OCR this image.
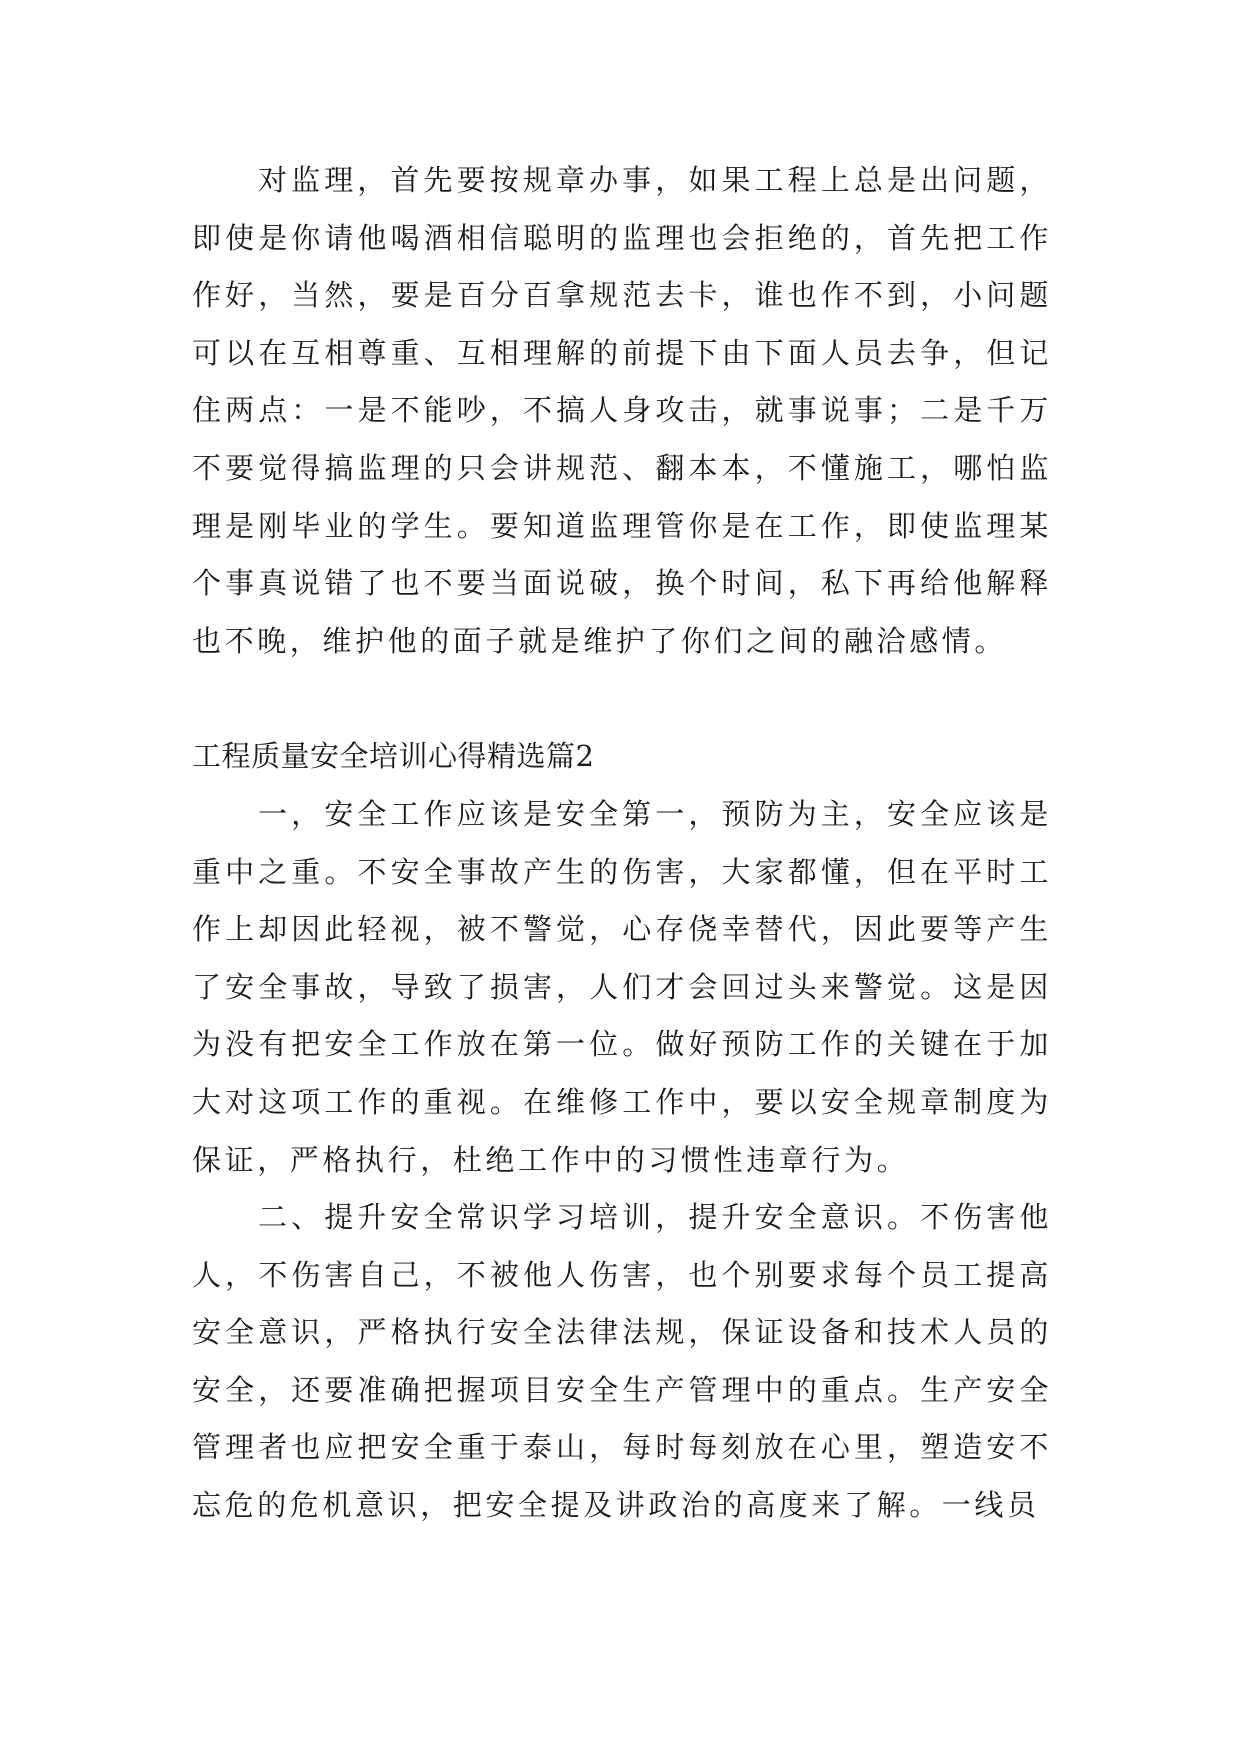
对监理，首先要按规章办事，如果工程上总是出问题，即使是你请他喝酒相信聪明的监理也会拒绝的，首先把工作作好，当然，要是百分百拿规范去卡，谁也作不到，小问题可以在互相尊重、互相理解的前提下由下面人员去争，但记住两点：一是不能吵，不搞人身攻击，就事说事；二是千万不要觉得搞监理的只会讲规范、翻本本，不懂施工，哪怕监理是刚毕业的学生。要知道监理管你是在工作，即使监理某个事真说错了也不要当面说破，换个时间，私下再给他解释也不晚，维护他的面子就是维护了你们之间的融洽感情。

工程质量安全培训心得精选篇2

一，安全工作应该是安全第一，预防为主，安全应该是重中之重。不安全事故产生的伤害，大家都懂，但在平时工作上却因此轻视，被不警觉，心存侥幸替代，因此要等产生了安全事故，导致了损害，人们才会回过头来警觉。这是因为没有把安全工作放在第一位。做好预防工作的关键在于加大对这项工作的重视。在维修工作中，要以安全规章制度为保证，严格执行，杜绝工作中的习惯性违章行为。

二、提升安全常识学习培训，提升安全意识。不伤害他人，不伤害自己，不被他人伤害，也个别要求每个员工提高安全意识，严格执行安全法律法规，保证设备和技术人员的安全，还要准确把握项目安全生产管理中的重点。生产安全管理者也应把安全重于泰山，每时每刻放在心里，塑造安不忘危的危机意识，把安全提及讲政治的高度来了解。一线员
